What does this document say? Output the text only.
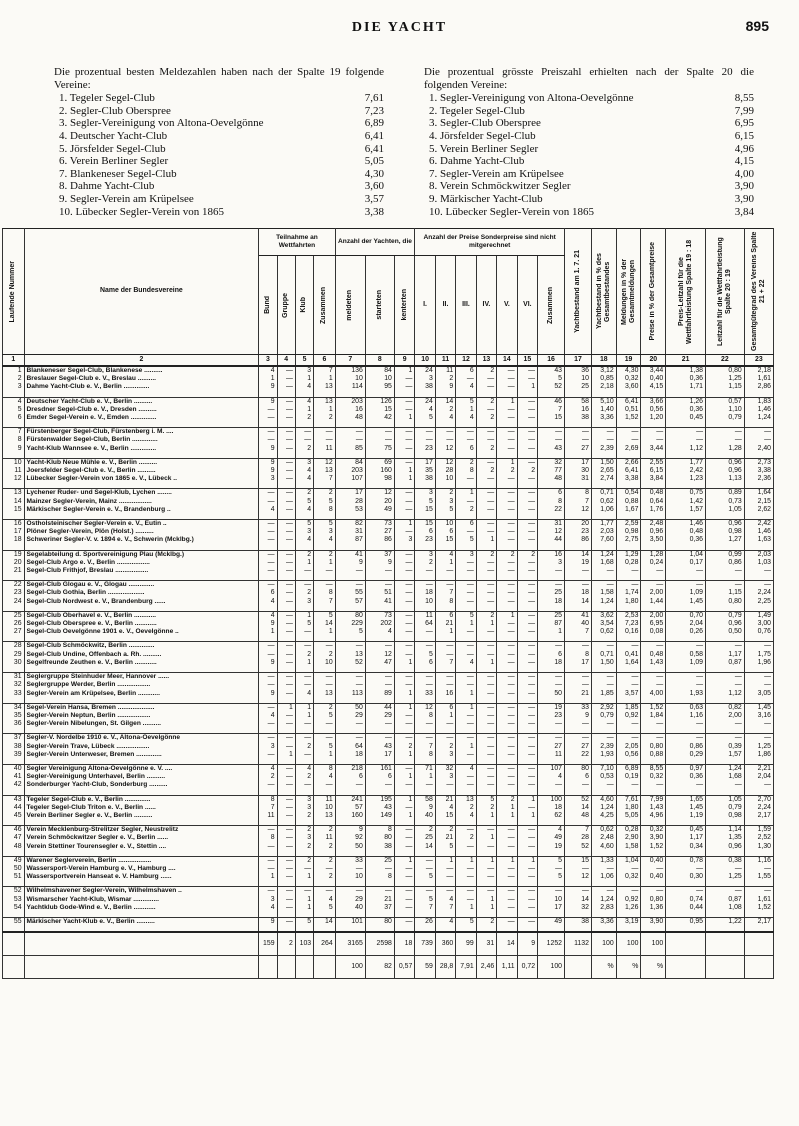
DIE YACHT	895

Die prozentual besten Meldezahlen haben nach der Spalte 19 folgende Vereine:

1. Tegeler Segel-Club	7,61
2. Segler-Club Oberspree	7,23
3. Segler-Vereinigung von Altona-Oevelgönne	6,89
4. Deutscher Yacht-Club	6,41
5. Jörsfelder Segel-Club	6,41
6. Verein Berliner Segler	5,05
7. Blankeneser Segel-Club	4,30
8. Dahme Yacht-Club	3,60
9. Segler-Verein am Krüpelsee	3,57
10. Lübecker Segler-Verein von 1865	3,38

Die prozentual grösste Preiszahl erhielten nach der Spalte 20 die folgenden Vereine:

1. Segler-Vereinigung von Altona-Oevelgönne	8,55
2. Tegeler Segel-Club	7,99
3. Segler-Club Oberspree	6,95
4. Jörsfelder Segel-Club	6,15
5. Verein Berliner Segler	4,96
6. Dahme Yacht-Club	4,15
7. Segler-Verein am Krüpelsee	4,00
8. Verein Schmöckwitzer Segler	3,90
9. Märkischer Yacht-Club	3,90
10. Lübecker Segler-Verein von 1865	3,84
Laufende Nummer	Name der Bundesvereine	Teilnahme an Wettfahrten				Anzahl der Yachten, die			Anzahl der Preise Sonderpreise sind nicht mitgerechnet							Yachtbestand am 1. 7. 21	Yachtbestand in % des Gesamtbestandes	Meldungen in % der Gesamtmeldungen	Preise in % der Gesamtpreise	Preis-Leitzahl für die Wettfahrtleistung Spalte 19 : 18	Leitzahl für die Wettfahrtleistung Spalte 20 : 19	Gesamtgütegrad des Vereins Spalte 21 + 22

		Bund	Gruppe	Klub	Zusammen	meldeten	starteten	kenterten	I.	II.	III.	IV.	V.	VI.	Zusammen							

1	2	3	4	5	6	7	8	9	10	11	12	13	14	15	16	17	18	19	20	21	22	23
1	Blankeneser Segel-Club, Blankenese ..........	4	—	3	7	136	84	1	24	11	6	2	—	—	43	36	3,12	4,30	3,44	1,38	0,80	2,18
2	Breslauer Segel-Club e. V., Breslau ..........	1	—	1	1	10	10	—	3	2	—	—	—	—	5	10	0,85	0,32	0,40	0,36	1,25	1,61
3	Dahme Yacht-Club e. V., Berlin ..............	9	—	4	13	114	95	—	38	9	4	—	—	1	52	25	2,18	3,60	4,15	1,71	1,15	2,86

4	Deutscher Yacht-Club e. V., Berlin ..........	9	—	4	13	203	126	—	24	14	5	2	1	—	46	58	5,10	6,41	3,66	1,26	0,57	1,83
5	Dresdner Segel-Club e. V., Dresden ..........	—	—	1	1	16	15	—	4	2	1	—	—	—	7	16	1,40	0,51	0,56	0,36	1,10	1,46
6	Emder Segel-Verein e. V., Emden ..............	—	—	2	2	48	42	1	5	4	4	2	—	—	15	38	3,36	1,52	1,20	0,45	0,79	1,24

7	Fürstenberger Segel-Club, Fürstenberg i. M. ....	—	—	—	—	—	—	—	—	—	—	—	—	—	—	—	—	—	—	—	—	—
8	Fürstenwalder Segel-Club, Berlin ..............	—	—	—	—	—	—	—	—	—	—	—	—	—	—	—	—	—	—	—	—	—
9	Yacht-Klub Wannsee e. V., Berlin ..............	9	—	2	11	85	75	—	23	12	6	2	—	—	43	27	2,39	2,69	3,44	1,12	1,28	2,40

10	Yacht-Klub Neue Mühle e. V., Berlin ..........	9	—	3	12	84	69	—	17	12	2	—	1	—	32	17	1,50	2,66	2,55	1,77	0,96	2,73
11	Joersfelder Segel-Club e. V., Berlin ..........	9	—	4	13	203	160	1	35	28	8	2	2	2	77	30	2,65	6,41	6,15	2,42	0,96	3,38
12	Lübecker Segler-Verein von 1865 e. V., Lübeck ..	3	—	4	7	107	98	1	38	10	—	—	—	—	48	31	2,74	3,38	3,84	1,23	1,13	2,36

13	Lychener Ruder- und Segel-Klub, Lychen ........	—	—	2	2	17	12	—	3	2	1	—	—	—	6	8	0,71	0,54	0,48	0,75	0,89	1,64
14	Mainzer Segler-Verein, Mainz ..................	—	—	5	5	28	20	—	5	3	—	—	—	—	8	7	0,62	0,88	0,64	1,42	0,73	2,15
15	Märkischer Segler-Verein e. V., Brandenburg ..	4	—	4	8	53	49	—	15	5	2	—	—	—	22	12	1,06	1,67	1,76	1,57	1,05	2,62

16	Ostholsteinischer Segler-Verein e. V., Eutin ..	—	—	5	5	82	73	1	15	10	6	—	—	—	31	20	1,77	2,59	2,48	1,46	0,96	2,42
17	Plöner Segler-Verein, Plön (Holst.) ..........	—	—	3	3	31	27	—	6	6	—	—	—	—	12	23	2,03	0,98	0,96	0,48	0,98	1,46
18	Schweriner Segler-V. v. 1894 e. V., Schwerin (Mcklbg.)	—	—	4	4	87	86	3	23	15	5	1	—	—	44	86	7,60	2,75	3,50	0,36	1,27	1,63

19	Segelabteilung d. Sportvereinigung Plau (Mcklbg.)	—	—	2	2	41	37	—	3	4	3	2	2	2	16	14	1,24	1,29	1,28	1,04	0,99	2,03
20	Segel-Club Argo e. V., Berlin ..................	—	—	1	1	9	9	—	2	1	—	—	—	—	3	19	1,68	0,28	0,24	0,17	0,86	1,03
21	Segel-Club Frithjof, Breslau ..................	—	—	—	—	—	—	—	—	—	—	—	—	—	—	—	—	—	—	—	—	—

22	Segel-Club Glogau e. V., Glogau ..............	—	—	—	—	—	—	—	—	—	—	—	—	—	—	—	—	—	—	—	—	—
23	Segel-Club Gothia, Berlin ....................	6	—	2	8	55	51	—	18	7	—	—	—	—	25	18	1,58	1,74	2,00	1,09	1,15	2,24
24	Segel-Club Nordwest e. V., Brandenburg ......	4	—	3	7	57	41	—	10	8	—	—	—	—	18	14	1,24	1,80	1,44	1,45	0,80	2,25

25	Segel-Club Oberhavel e. V., Berlin ............	4	—	1	5	80	73	—	11	6	5	2	1	—	25	41	3,62	2,53	2,00	0,70	0,79	1,49
26	Segel-Club Oberspree e. V., Berlin ............	9	—	5	14	229	202	—	64	21	1	1	—	—	87	40	3,54	7,23	6,95	2,04	0,96	3,00
27	Segel-Club Oevelgönne 1901 e. V., Oevelgönne ..	1	—	—	1	5	4	—	—	1	—	—	—	—	1	7	0,62	0,16	0,08	0,26	0,50	0,76

28	Segel-Club Schmöckwitz, Berlin ..............	—	—	—	—	—	—	—	—	—	—	—	—	—	—	—	—	—	—	—	—	—
29	Segel-Club Undine, Offenbach a. Rh. ..........	—	—	2	2	13	12	—	5	—	—	—	—	—	6	8	0,71	0,41	0,48	0,58	1,17	1,75
30	Segelfreunde Zeuthen e. V., Berlin ............	9	—	1	10	52	47	1	6	7	4	1	—	—	18	17	1,50	1,64	1,43	1,09	0,87	1,96

31	Seglergruppe Steinhuder Meer, Hannover ......	—	—	—	—	—	—	—	—	—	—	—	—	—	—	—	—	—	—	—	—	—
32	Seglergruppe Werder, Berlin ..................	—	—	—	—	—	—	—	—	—	—	—	—	—	—	—	—	—	—	—	—	—
33	Segler-Verein am Krüpelsee, Berlin ............	9	—	4	13	113	89	1	33	16	1	—	—	—	50	21	1,85	3,57	4,00	1,93	1,12	3,05

34	Segel-Verein Hansa, Bremen ....................	—	1	1	2	50	44	1	12	6	1	—	—	—	19	33	2,92	1,85	1,52	0,63	0,82	1,45
35	Segler-Verein Neptun, Berlin ..................	4	—	1	5	29	29	—	8	1	—	—	—	—	23	9	0,79	0,92	1,84	1,16	2,00	3,16
36	Segler-Verein Nibelungen, St. Gilgen ..........	—	—	—	—	—	—	—	—	—	—	—	—	—	—	—	—	—	—	—	—	—

37	Segler-V. Nordelbe 1910 e. V., Altona-Oevelgönne	—	—	—	—	—	—	—	—	—	—	—	—	—	—	—	—	—	—	—	—	—
38	Segler-Verein Trave, Lübeck ..................	3	—	2	5	64	43	2	7	2	1	—	—	—	27	27	2,39	2,05	0,80	0,86	0,39	1,25
39	Segler-Verein Unterweser, Bremen ..............	—	1	—	1	18	17	1	8	3	—	—	—	—	11	22	1,93	0,56	0,88	0,29	1,57	1,86

40	Segler Vereinigung Altona-Oevelgönne e. V. ....	4	—	4	8	218	161	—	71	32	4	—	—	—	107	80	7,10	6,89	8,55	0,97	1,24	2,21
41	Segler-Vereinigung Unterhavel, Berlin ..........	2	—	2	4	6	6	1	1	3	—	—	—	—	4	6	0,53	0,19	0,32	0,36	1,68	2,04
42	Sonderburger Yacht-Club, Sonderburg ..........	—	—	—	—	—	—	—	—	—	—	—	—	—	—	—	—	—	—	—	—	—

43	Tegeler Segel-Club e. V., Berlin ..............	8	—	3	11	241	195	1	58	21	13	5	2	1	100	52	4,60	7,61	7,99	1,65	1,05	2,70
44	Tegeler Segel-Club Triton e. V., Berlin ......	7	—	3	10	57	43	—	9	4	2	2	1	—	18	14	1,24	1,80	1,43	1,45	0,79	2,24
45	Verein Berliner Segler e. V., Berlin ..........	11	—	2	13	160	149	1	40	15	4	1	1	1	62	48	4,25	5,05	4,96	1,19	0,98	2,17

46	Verein Mecklenburg-Strelitzer Segler, Neustrelitz	—	—	2	2	9	8	—	2	2	—	—	—	—	4	7	0,62	0,28	0,32	0,45	1,14	1,59
47	Verein Schmöckwitzer Segler e. V., Berlin ......	8	—	3	11	92	80	—	25	21	2	1	—	—	49	28	2,48	2,90	3,90	1,17	1,35	2,52
48	Verein Stettiner Tourensegler e. V., Stettin ....	—	—	2	2	50	38	—	14	5	—	—	—	—	19	52	4,60	1,58	1,52	0,34	0,96	1,30

49	Warener Seglerverein, Berlin ..................	—	—	2	2	33	25	1	—	1	1	1	1	1	5	15	1,33	1,04	0,40	0,78	0,38	1,16
50	Wassersport-Verein Hamburg e. V., Hamburg ....	—	—	—	—	—	—	—	—	—	—	—	—	—	—	—	—	—	—	—	—	—
51	Wassersportverein Hanseat e. V. Hamburg ......	1	—	1	2	10	8	—	5	—	—	—	—	—	5	12	1,06	0,32	0,40	0,30	1,25	1,55

52	Wilhelmshavener Segler-Verein, Wilhelmshaven ..	—	—	—	—	—	—	—	—	—	—	—	—	—	—	—	—	—	—	—	—	—
53	Wismarscher Yacht-Klub, Wismar ..............	3	—	1	4	29	21	—	5	4	—	1	—	—	10	14	1,24	0,92	0,80	0,74	0,87	1,61
54	Yachtklub Gode-Wind e. V., Berlin ............	4	—	1	5	40	37	—	7	7	1	1	—	—	17	32	2,83	1,26	1,36	0,44	1,08	1,52

55	Märkischer Yacht-Klub e. V., Berlin ..........	9	—	5	14	101	80	—	26	4	5	2	—	—	49	38	3,36	3,19	3,90	0,95	1,22	2,17

		159	2	103	264	3165	2598	18	739	360	99	31	14	9	1252	1132	100	100	100			
						100	82	0,57	59	28,8	7,91	2,46	1,11	0,72	100		%	%	%			
